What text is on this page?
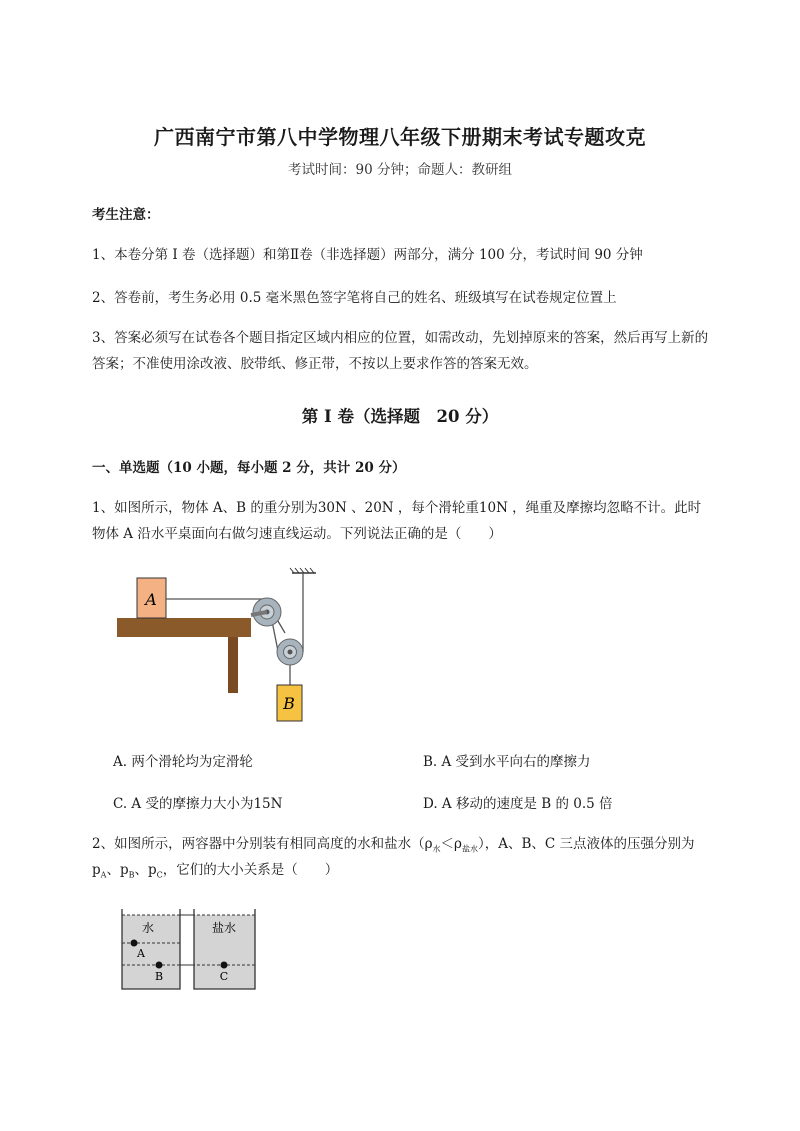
广西南宁市第八中学物理八年级下册期末考试专题攻克
考试时间：90 分钟；命题人：教研组
考生注意：
1、本卷分第 I 卷（选择题）和第Ⅱ卷（非选择题）两部分，满分 100 分，考试时间 90 分钟
2、答卷前，考生务必用 0.5 毫米黑色签字笔将自己的姓名、班级填写在试卷规定位置上
3、答案必须写在试卷各个题目指定区域内相应的位置，如需改动，先划掉原来的答案，然后再写上新的答案；不准使用涂改液、胶带纸、修正带，不按以上要求作答的答案无效。
第 I 卷（选择题　20 分）
一、单选题（10 小题，每小题 2 分，共计 20 分）
1、如图所示，物体 A、B 的重分别为30N 、20N ，每个滑轮重10N ，绳重及摩擦均忽略不计。此时
物体 A 沿水平桌面向右做匀速直线运动。下列说法正确的是（　　）
A
B
A. 两个滑轮均为定滑轮	B. A 受到水平向右的摩擦力
C. A 受的摩擦力大小为15N	D. A 移动的速度是 B 的 0.5 倍
2、如图所示，两容器中分别装有相同高度的水和盐水$(\rho_水<\rho_{盐水})$，A、B、C 三点液体的压强分别为
$p_A$、$p_B$、$p_C$，它们的大小关系是（　　）
水	盐水
A
B	C
